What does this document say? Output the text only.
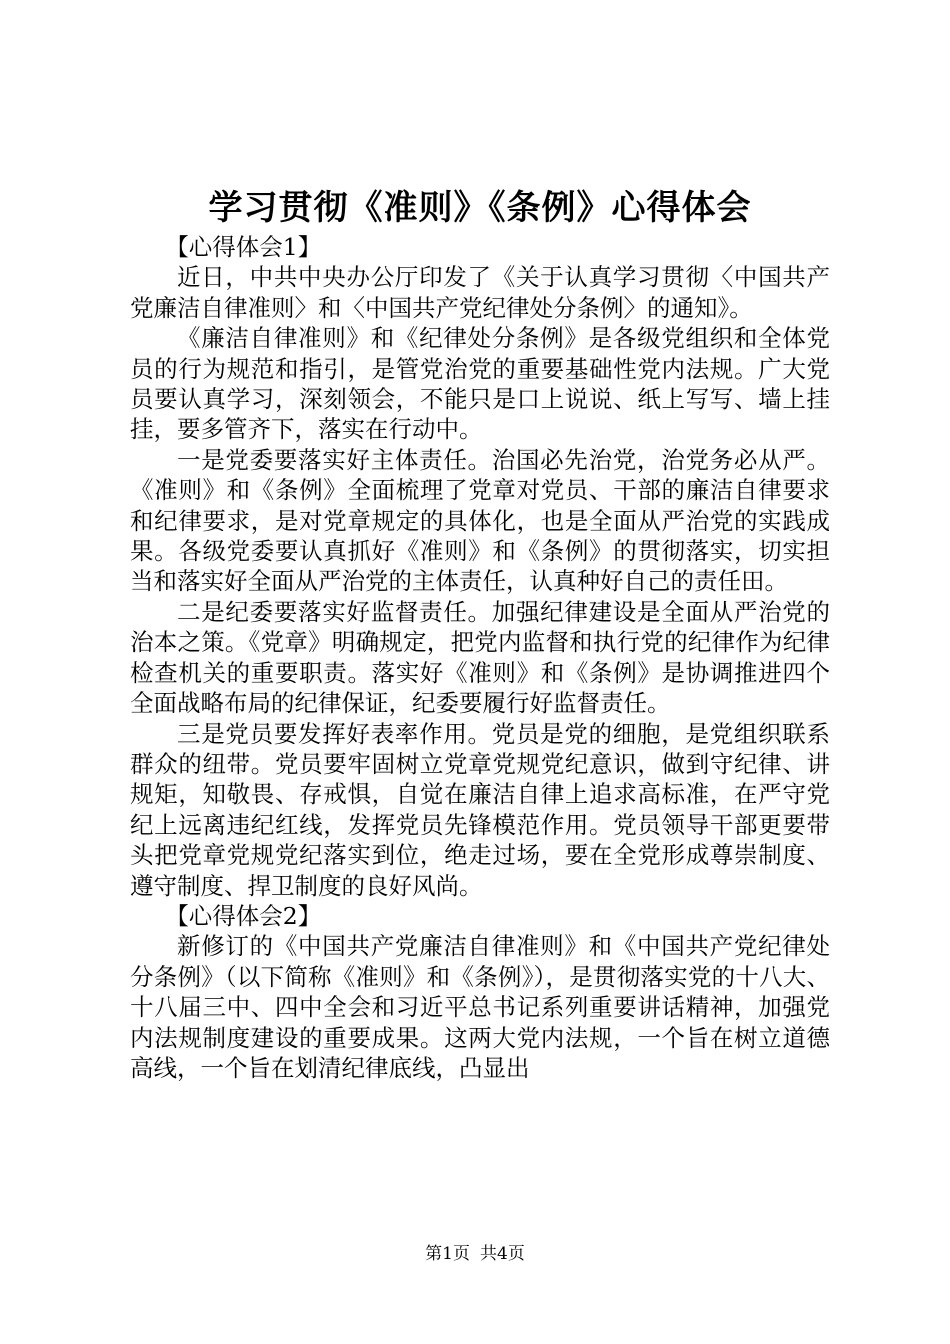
学习贯彻《准则》《条例》心得体会

【心得体会1】

近日，中共中央办公厅印发了《关于认真学习贯彻〈中国共产党廉洁自律准则〉和〈中国共产党纪律处分条例〉的通知》。

《廉洁自律准则》和《纪律处分条例》是各级党组织和全体党员的行为规范和指引，是管党治党的重要基础性党内法规。广大党员要认真学习，深刻领会，不能只是口上说说、纸上写写、墙上挂挂，要多管齐下，落实在行动中。

一是党委要落实好主体责任。治国必先治党，治党务必从严。《准则》和《条例》全面梳理了党章对党员、干部的廉洁自律要求和纪律要求，是对党章规定的具体化，也是全面从严治党的实践成果。各级党委要认真抓好《准则》和《条例》的贯彻落实，切实担当和落实好全面从严治党的主体责任，认真种好自己的责任田。

二是纪委要落实好监督责任。加强纪律建设是全面从严治党的治本之策。《党章》明确规定，把党内监督和执行党的纪律作为纪律检查机关的重要职责。落实好《准则》和《条例》是协调推进四个全面战略布局的纪律保证，纪委要履行好监督责任。

三是党员要发挥好表率作用。党员是党的细胞，是党组织联系群众的纽带。党员要牢固树立党章党规党纪意识，做到守纪律、讲规矩，知敬畏、存戒惧，自觉在廉洁自律上追求高标准，在严守党纪上远离违纪红线，发挥党员先锋模范作用。党员领导干部更要带头把党章党规党纪落实到位，绝走过场，要在全党形成尊崇制度、遵守制度、捍卫制度的良好风尚。

【心得体会2】

新修订的《中国共产党廉洁自律准则》和《中国共产党纪律处分条例》（以下简称《准则》和《条例》），是贯彻落实党的十八大、十八届三中、四中全会和习近平总书记系列重要讲话精神，加强党内法规制度建设的重要成果。这两大党内法规，一个旨在树立道德高线，一个旨在划清纪律底线，凸显出

第1页 共4页
